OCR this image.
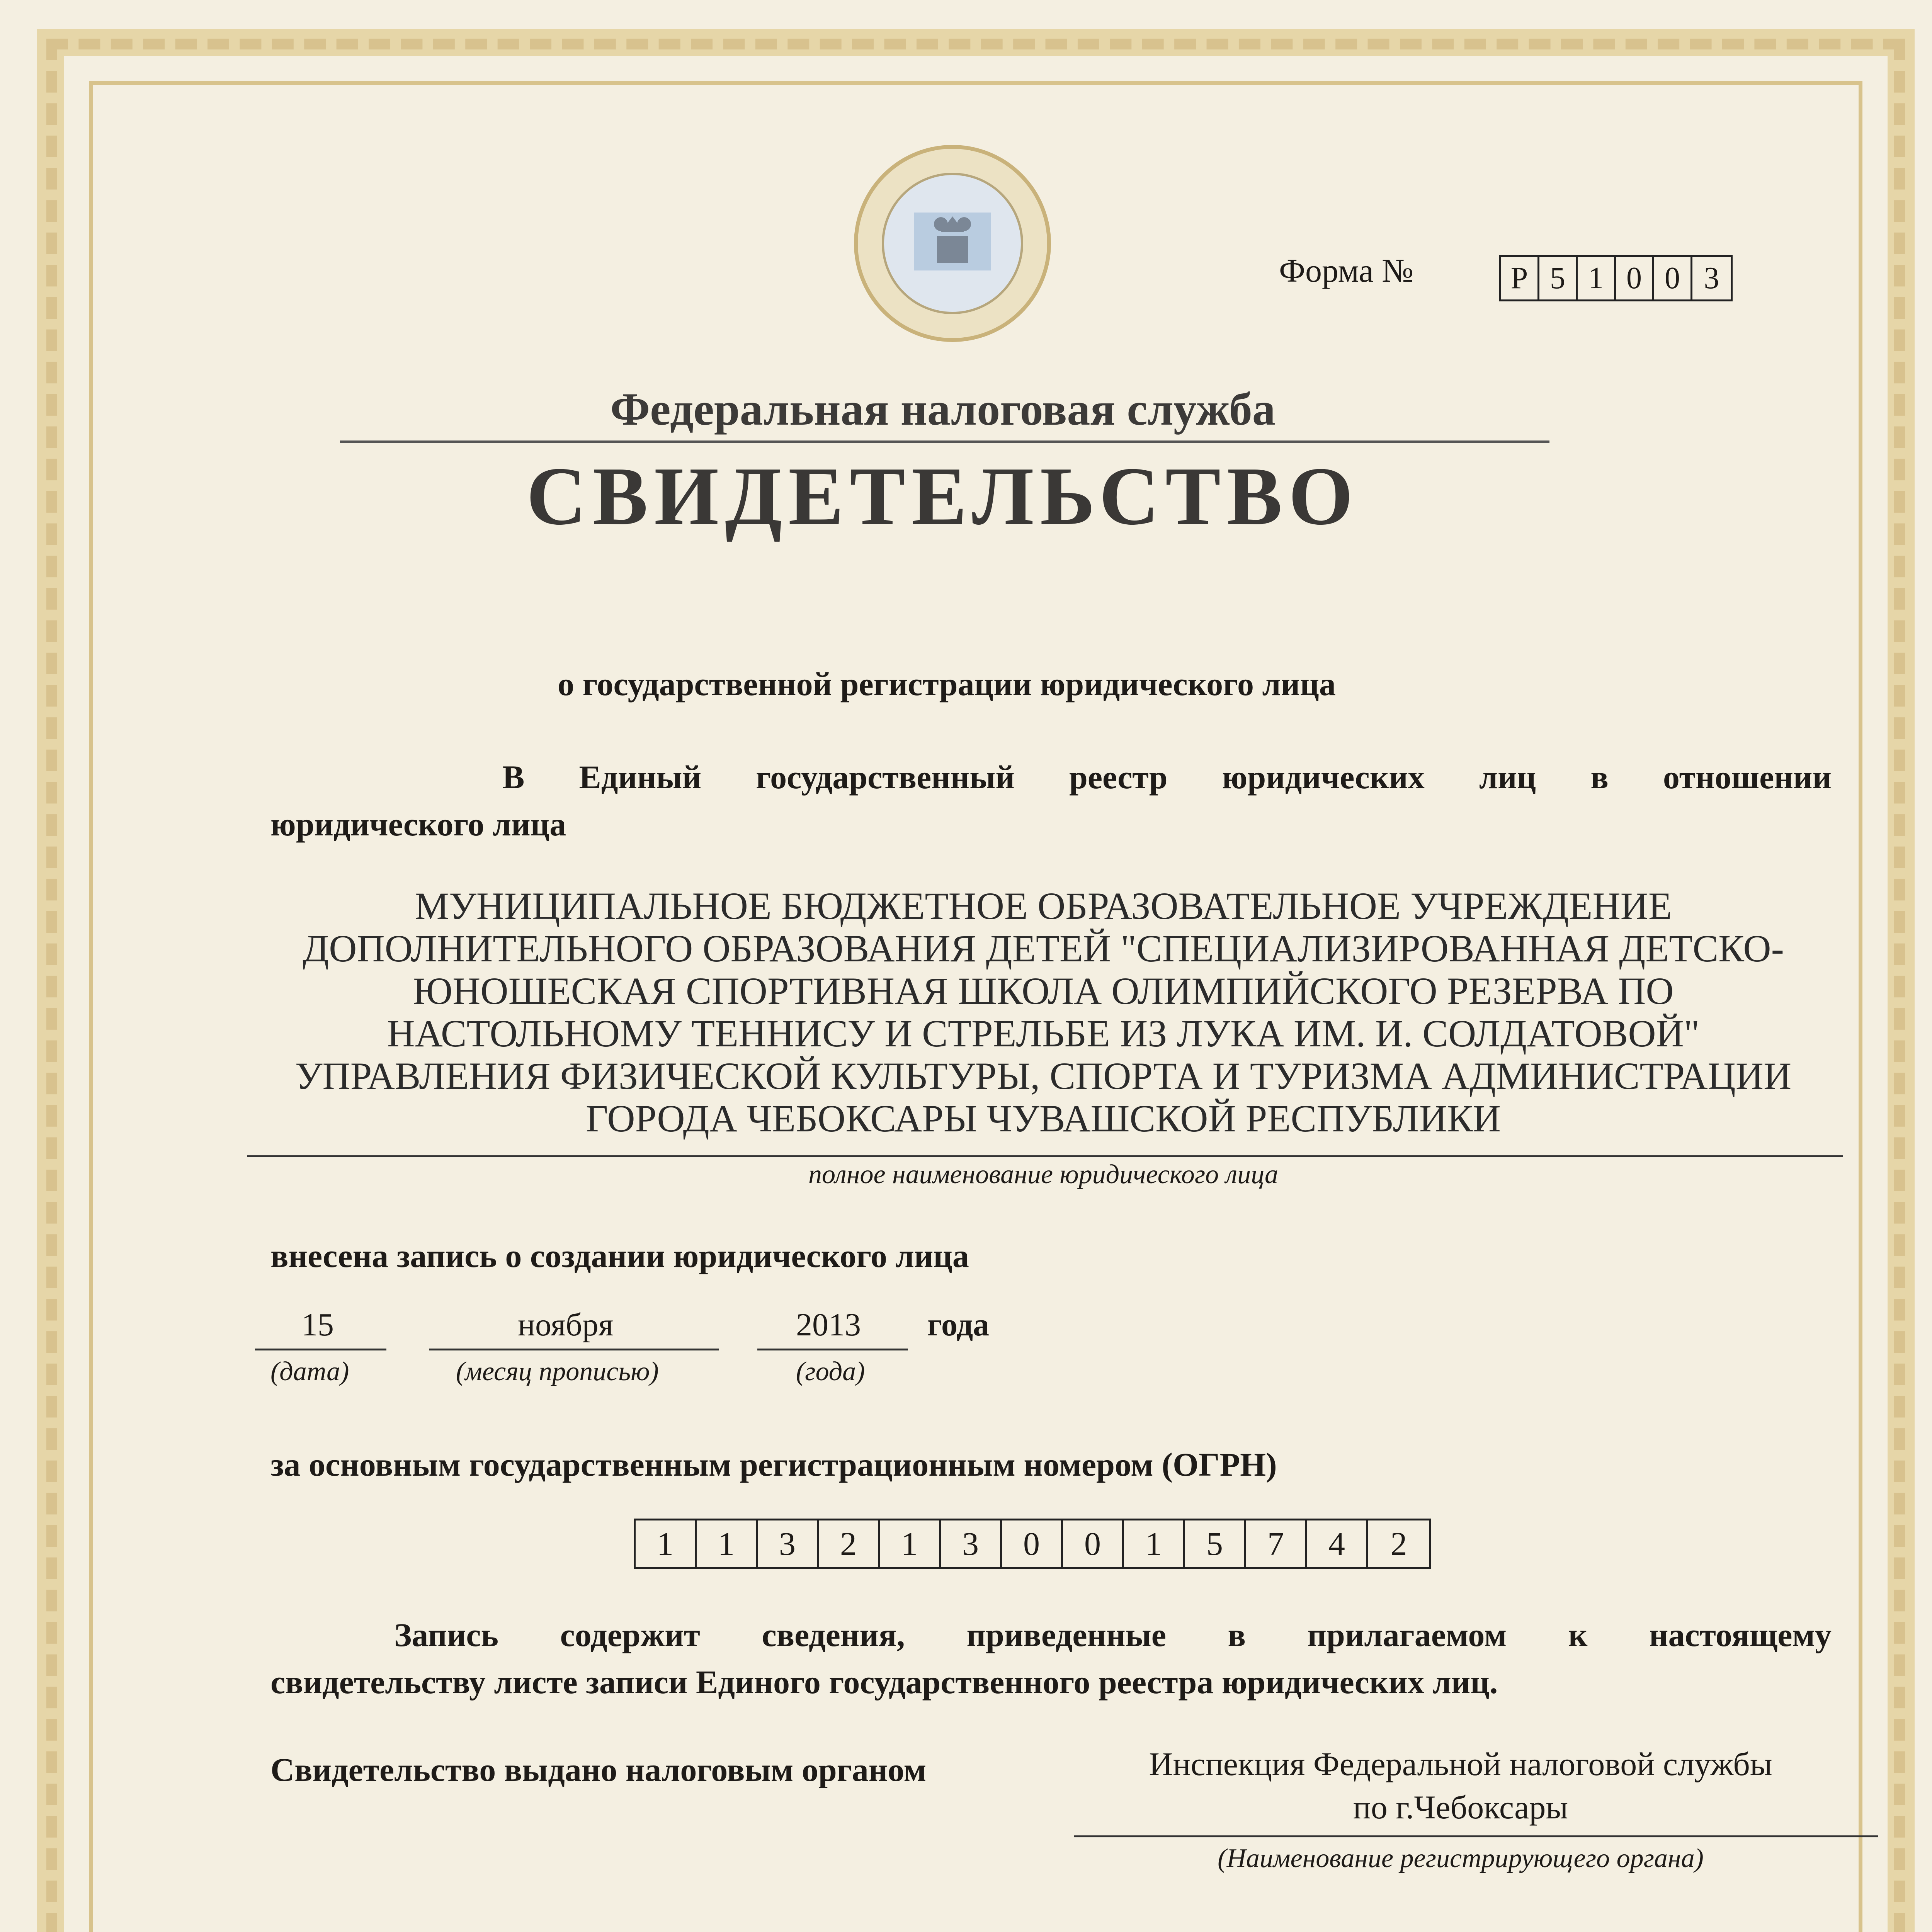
Форма №	Р 5 1 0 0 3
Федеральная налоговая служба
СВИДЕТЕЛЬСТВО
о государственной регистрации юридического лица
В Единый государственный реестр юридических лиц в отношении
юридического лица
МУНИЦИПАЛЬНОЕ БЮДЖЕТНОЕ ОБРАЗОВАТЕЛЬНОЕ УЧРЕЖДЕНИЕ
ДОПОЛНИТЕЛЬНОГО ОБРАЗОВАНИЯ ДЕТЕЙ "СПЕЦИАЛИЗИРОВАННАЯ ДЕТСКО-
ЮНОШЕСКАЯ СПОРТИВНАЯ ШКОЛА ОЛИМПИЙСКОГО РЕЗЕРВА ПО
НАСТОЛЬНОМУ ТЕННИСУ И СТРЕЛЬБЕ ИЗ ЛУКА ИМ. И. СОЛДАТОВОЙ"
УПРАВЛЕНИЯ ФИЗИЧЕСКОЙ КУЛЬТУРЫ, СПОРТА И ТУРИЗМА АДМИНИСТРАЦИИ
ГОРОДА ЧЕБОКСАРЫ ЧУВАШСКОЙ РЕСПУБЛИКИ
полное наименование юридического лица
внесена запись о создании юридического лица
15
(дата)
ноября
(месяц прописью)
2013
(года)
года
за основным государственным регистрационным номером (ОГРН)
1	1	3	2	1	3	0	0	1	5	7	4	2
Запись содержит сведения, приведенные в прилагаемом к настоящему
свидетельству листе записи Единого государственного реестра юридических лиц.
Свидетельство выдано налоговым органом	Инспекция Федеральной налоговой службы
по г.Чебоксары
(Наименование регистрирующего органа)
